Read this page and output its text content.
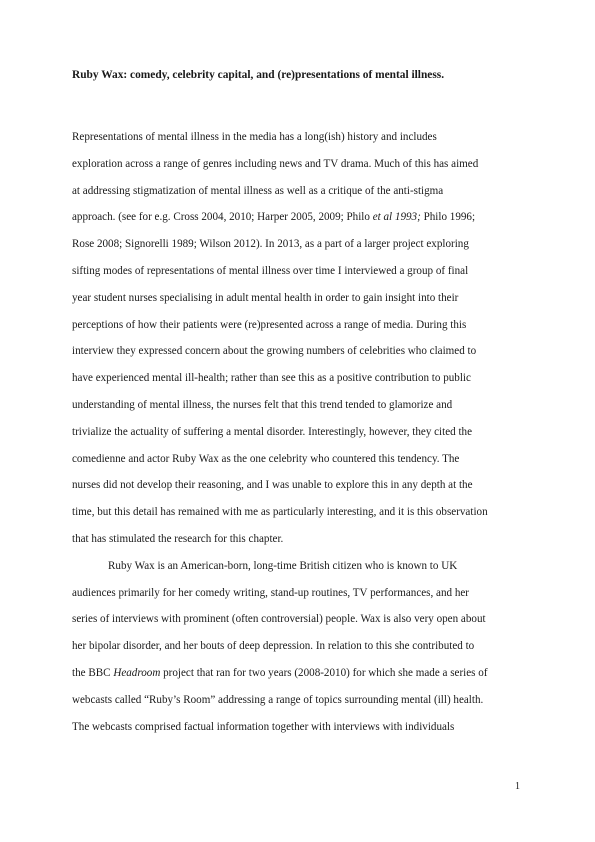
Ruby Wax: comedy, celebrity capital, and (re)presentations of mental illness.
Representations of mental illness in the media has a long(ish) history and includes
exploration across a range of genres including news and TV drama. Much of this has aimed
at addressing stigmatization of mental illness as well as a critique of the anti-stigma
approach. (see for e.g. Cross 2004, 2010; Harper 2005, 2009; Philo et al 1993; Philo 1996;
Rose 2008; Signorelli 1989; Wilson 2012). In 2013, as a part of a larger project exploring
sifting modes of representations of mental illness over time I interviewed a group of final
year student nurses specialising in adult mental health in order to gain insight into their
perceptions of how their patients were (re)presented across a range of media. During this
interview they expressed concern about the growing numbers of celebrities who claimed to
have experienced mental ill-health; rather than see this as a positive contribution to public
understanding of mental illness, the nurses felt that this trend tended to glamorize and
trivialize the actuality of suffering a mental disorder. Interestingly, however, they cited the
comedienne and actor Ruby Wax as the one celebrity who countered this tendency. The
nurses did not develop their reasoning, and I was unable to explore this in any depth at the
time, but this detail has remained with me as particularly interesting, and it is this observation
that has stimulated the research for this chapter.
Ruby Wax is an American-born, long-time British citizen who is known to UK
audiences primarily for her comedy writing, stand-up routines, TV performances, and her
series of interviews with prominent (often controversial) people. Wax is also very open about
her bipolar disorder, and her bouts of deep depression. In relation to this she contributed to
the BBC Headroom project that ran for two years (2008-2010) for which she made a series of
webcasts called “Ruby’s Room” addressing a range of topics surrounding mental (ill) health.
The webcasts comprised factual information together with interviews with individuals
1
